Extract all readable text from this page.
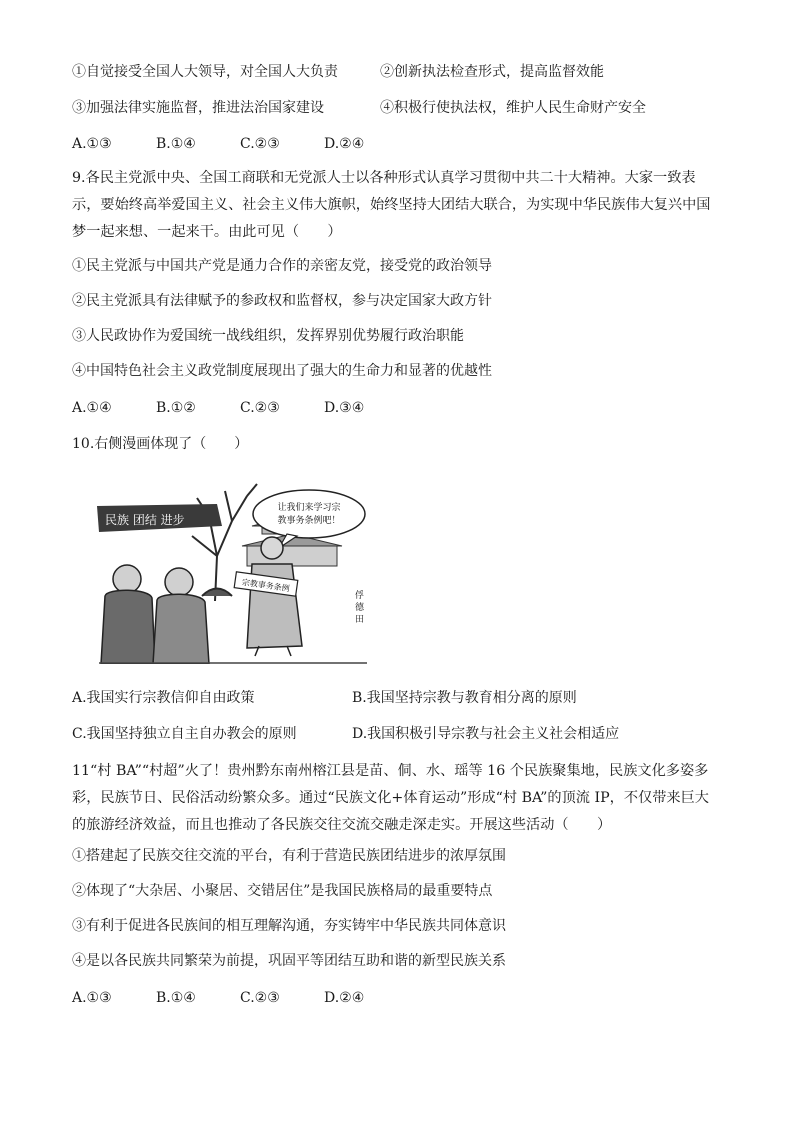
①自觉接受全国人大领导，对全国人大负责	②创新执法检查形式，提高监督效能
③加强法律实施监督，推进法治国家建设	④积极行使执法权，维护人民生命财产安全
A.①③	B.①④	C.②③	D.②④
9.各民主党派中央、全国工商联和无党派人士以各种形式认真学习贯彻中共二十大精神。大家一致表示，要始终高举爱国主义、社会主义伟大旗帜，始终坚持大团结大联合，为实现中华民族伟大复兴中国梦一起来想、一起来干。由此可见（　　）
①民主党派与中国共产党是通力合作的亲密友党，接受党的政治领导
②民主党派具有法律赋予的参政权和监督权，参与决定国家大政方针
③人民政协作为爱国统一战线组织，发挥界别优势履行政治职能
④中国特色社会主义政党制度展现出了强大的生命力和显著的优越性
A.①④	B.①②	C.②③	D.③④
10.右侧漫画体现了（　　）
民族 团结 进步
让我们来学习宗
教事务条例吧！
宗教事务条例
俘 德 田
A.我国实行宗教信仰自由政策	B.我国坚持宗教与教育相分离的原则
C.我国坚持独立自主自办教会的原则	D.我国积极引导宗教与社会主义社会相适应
11“村 BA”“村超”火了！贵州黔东南州榕江县是苗、侗、水、瑶等 16 个民族聚集地，民族文化多姿多彩，民族节日、民俗活动纷繁众多。通过“民族文化+体育运动”形成“村 BA”的顶流 IP，不仅带来巨大的旅游经济效益，而且也推动了各民族交往交流交融走深走实。开展这些活动（　　）
①搭建起了民族交往交流的平台，有利于营造民族团结进步的浓厚氛围
②体现了“大杂居、小聚居、交错居住”是我国民族格局的最重要特点
③有利于促进各民族间的相互理解沟通，夯实铸牢中华民族共同体意识
④是以各民族共同繁荣为前提，巩固平等团结互助和谐的新型民族关系
A.①③	B.①④	C.②③	D.②④
